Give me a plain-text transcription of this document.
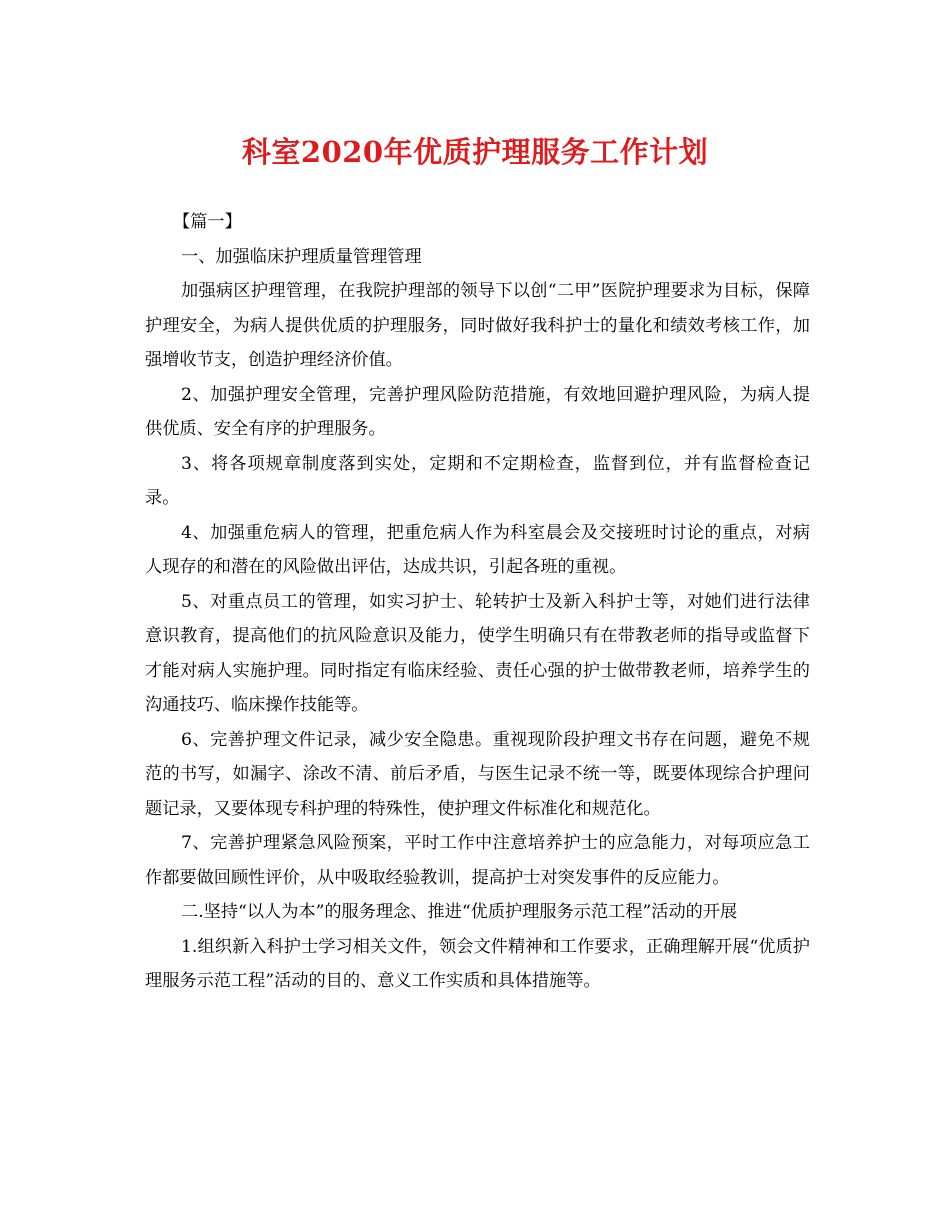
科室2020年优质护理服务工作计划

【篇一】

一、加强临床护理质量管理管理

加强病区护理管理，在我院护理部的领导下以创“二甲”医院护理要求为目标，保障护理安全，为病人提供优质的护理服务，同时做好我科护士的量化和绩效考核工作，加强增收节支，创造护理经济价值。

2、加强护理安全管理，完善护理风险防范措施，有效地回避护理风险，为病人提供优质、安全有序的护理服务。

3、将各项规章制度落到实处，定期和不定期检查，监督到位，并有监督检查记录。

4、加强重危病人的管理，把重危病人作为科室晨会及交接班时讨论的重点，对病人现存的和潜在的风险做出评估，达成共识，引起各班的重视。

5、对重点员工的管理，如实习护士、轮转护士及新入科护士等，对她们进行法律意识教育，提高他们的抗风险意识及能力，使学生明确只有在带教老师的指导或监督下才能对病人实施护理。同时指定有临床经验、责任心强的护士做带教老师，培养学生的沟通技巧、临床操作技能等。

6、完善护理文件记录，减少安全隐患。重视现阶段护理文书存在问题，避免不规范的书写，如漏字、涂改不清、前后矛盾，与医生记录不统一等，既要体现综合护理问题记录，又要体现专科护理的特殊性，使护理文件标准化和规范化。

7、完善护理紧急风险预案，平时工作中注意培养护士的应急能力，对每项应急工作都要做回顾性评价，从中吸取经验教训，提高护士对突发事件的反应能力。

二.坚持“以人为本”的服务理念、推进“优质护理服务示范工程”活动的开展

1.组织新入科护士学习相关文件，领会文件精神和工作要求，正确理解开展“优质护理服务示范工程”活动的目的、意义工作实质和具体措施等。
